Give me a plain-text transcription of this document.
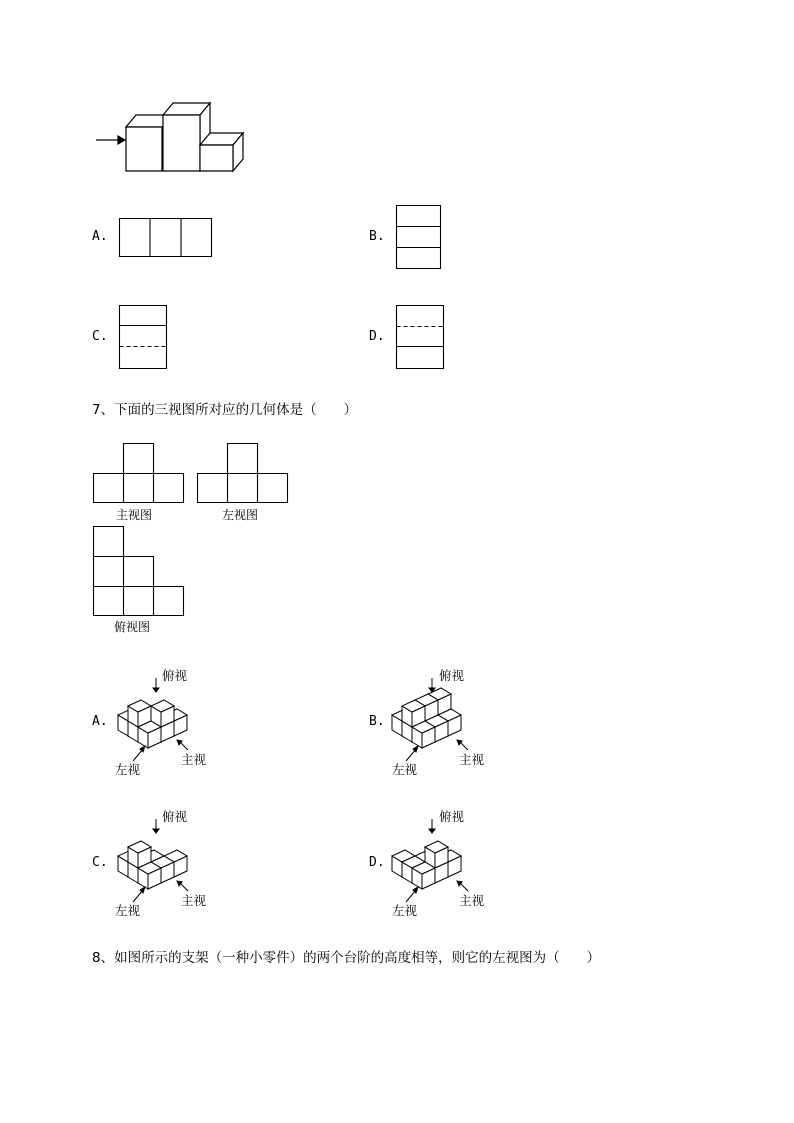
A.	B.
C.	D.
7、下面的三视图所对应的几何体是（　　）
主视图	左视图
俯视图
A.	B.
C.	D.
俯视
左视
主视
俯视
左视
主视
俯视
左视
主视
俯视
左视
主视
8、如图所示的支架（一种小零件）的两个台阶的高度相等，则它的左视图为（　　）
